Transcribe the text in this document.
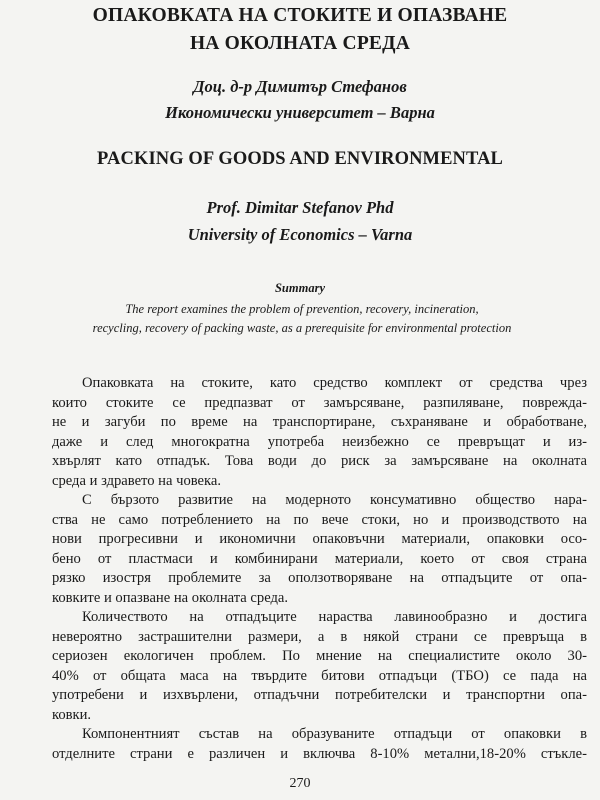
ОПАКОВКАТА НА СТОКИТЕ И ОПАЗВАНЕ
НА ОКОЛНАТА СРЕДА
Доц. д-р Димитър Стефанов
Икономически университет – Варна
PACKING OF GOODS AND ENVIRONMENTAL
Prof. Dimitar Stefanov Phd
University of Economics – Varna
Summary
The report examines the problem of prevention, recovery, incineration,
recycling, recovery of packing waste, as a prerequisite for environmental protection
Опаковката на стоките, като средство комплект от средства чрез
които стоките се предпазват от замърсяване, разпиляване, повреждa-
не и загуби по време на транспортиране, съхраняване и обработване,
даже и след многократна употреба неизбежно се превръщат и из-
хвърлят като отпадък. Това води до риск за замърсяване на околната
среда и здравето на човека.
С бързото развитие на модерното консумативно общество нара-
ства не само потреблението на по вече стоки, но и производството на
нови прогресивни и икономични опаковъчни материали, опаковки осо-
бено от пластмаси и комбинирани материали, което от своя страна
рязко изостря проблемите за оползотворяване на отпадъците от опа-
ковките и опазване на околната среда.
Количеството на отпадъците нараства лавинообразно и достига
невероятно застрашителни размери, а в някой страни се превръща в
сериозен екологичен проблем. По мнение на специалистите около 30-
40% от общата маса на твърдите битови отпадъци (ТБО) се пада на
употребени и изхвърлени, отпадъчни потребителски и транспортни опа-
ковки.
Компонентният състав на образуваните отпадъци от опаковки в
отделните страни е различен и включва 8-10% метални,18-20% стъкле-
270
